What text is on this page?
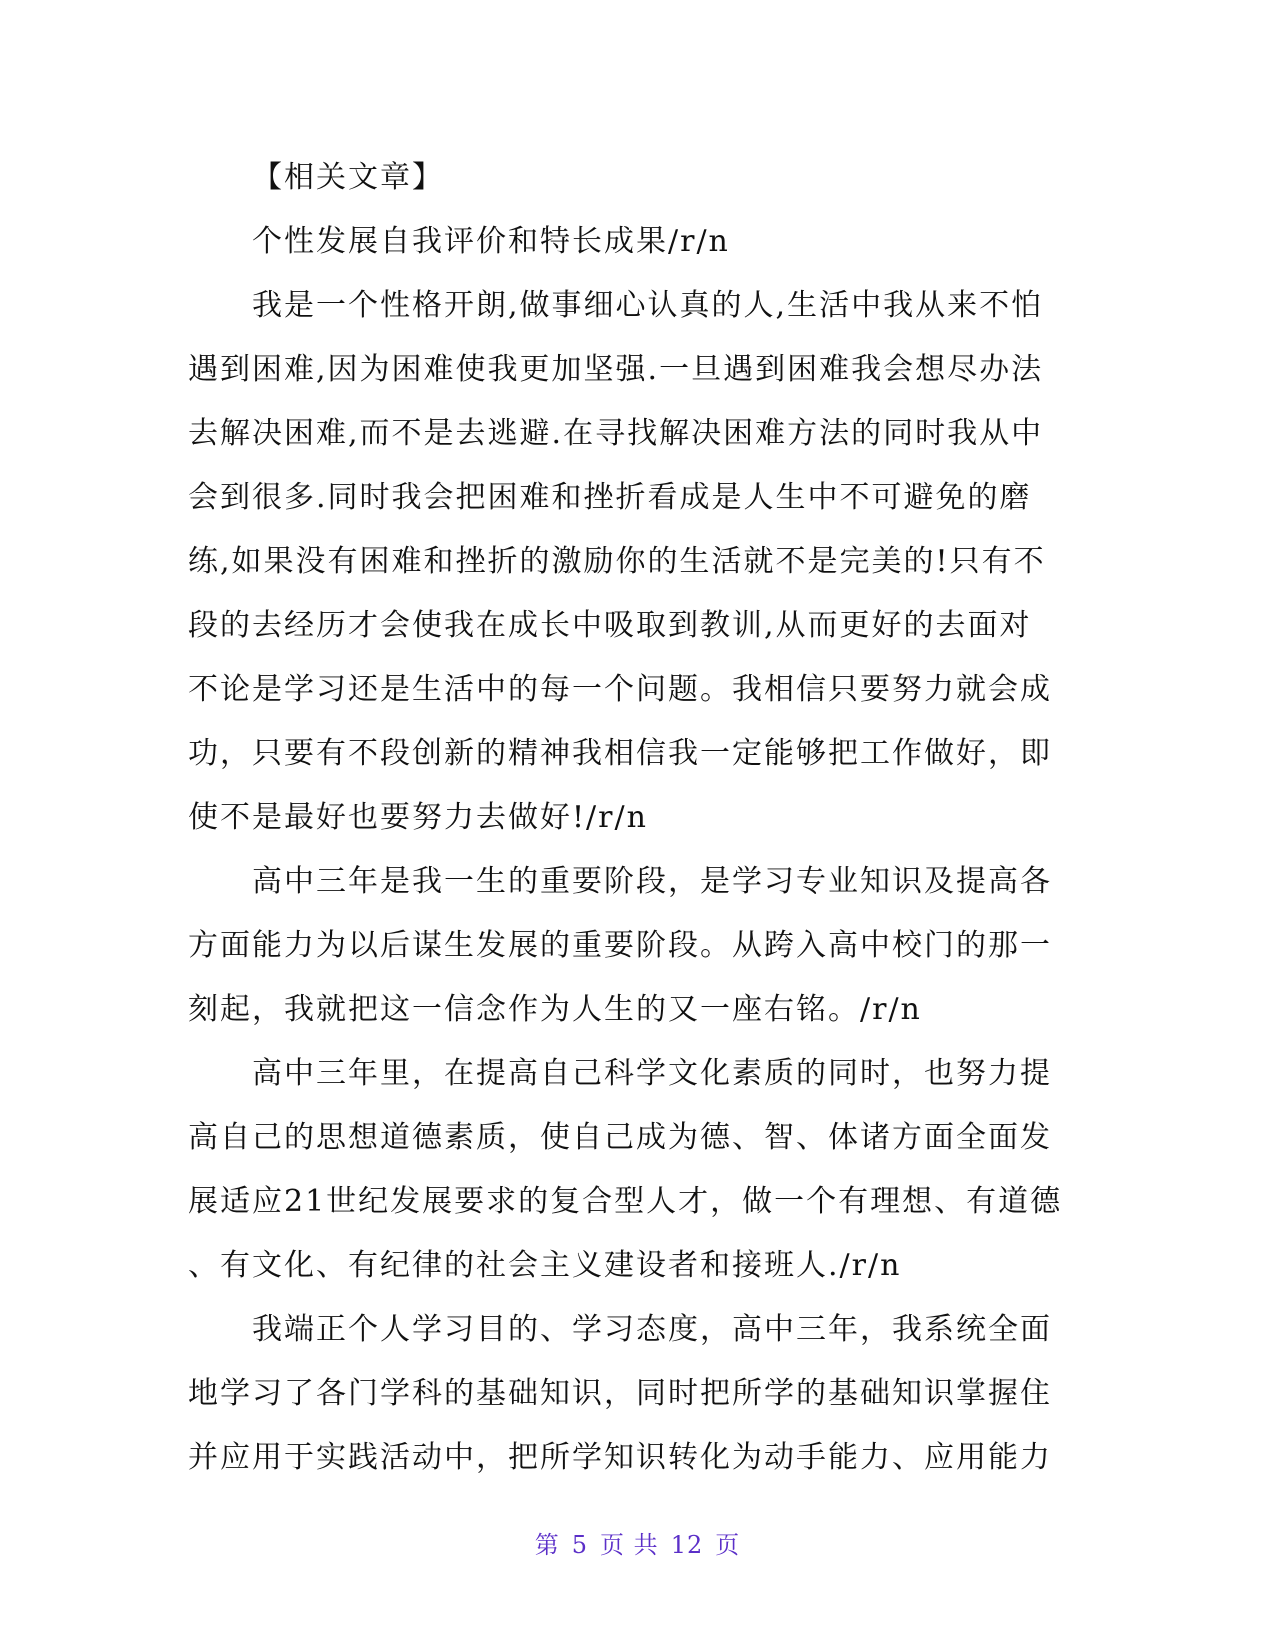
【相关文章】
个性发展自我评价和特长成果/r/n
我是一个性格开朗,做事细心认真的人,生活中我从来不怕
遇到困难,因为困难使我更加坚强.一旦遇到困难我会想尽办法
去解决困难,而不是去逃避.在寻找解决困难方法的同时我从中
会到很多.同时我会把困难和挫折看成是人生中不可避免的磨
练,如果没有困难和挫折的激励你的生活就不是完美的!只有不
段的去经历才会使我在成长中吸取到教训,从而更好的去面对
不论是学习还是生活中的每一个问题。我相信只要努力就会成
功，只要有不段创新的精神我相信我一定能够把工作做好，即
使不是最好也要努力去做好!/r/n
高中三年是我一生的重要阶段，是学习专业知识及提高各
方面能力为以后谋生发展的重要阶段。从跨入高中校门的那一
刻起，我就把这一信念作为人生的又一座右铭。/r/n
高中三年里，在提高自己科学文化素质的同时，也努力提
高自己的思想道德素质，使自己成为德、智、体诸方面全面发
展适应21世纪发展要求的复合型人才，做一个有理想、有道德
、有文化、有纪律的社会主义建设者和接班人./r/n
我端正个人学习目的、学习态度，高中三年，我系统全面
地学习了各门学科的基础知识，同时把所学的基础知识掌握住
并应用于实践活动中，把所学知识转化为动手能力、应用能力
第 5 页 共 12 页
